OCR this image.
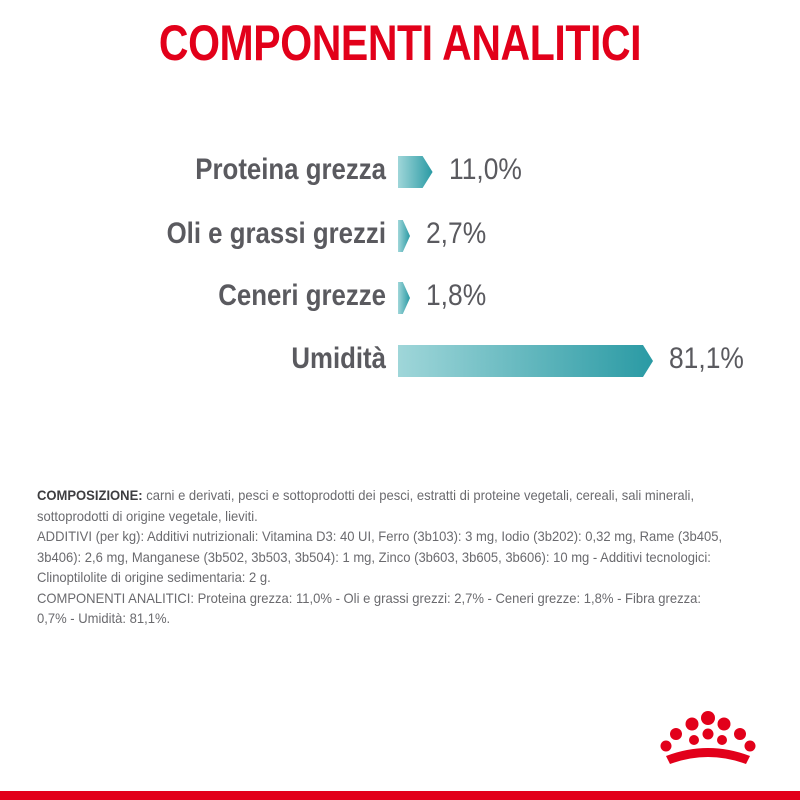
COMPONENTI ANALITICI
Proteina grezza 11,0%
Oli e grassi grezzi 2,7%
Ceneri grezze 1,8%
Umidità	81,1%

COMPOSIZIONE: carni e derivati, pesci e sottoprodotti dei pesci, estratti di proteine vegetali, cereali, sali minerali, sottoprodotti di origine vegetale, lieviti.

ADDITIVI (per kg): Additivi nutrizionali: Vitamina D3: 40 UI, Ferro (3b103): 3 mg, Iodio (3b202): 0,32 mg, Rame (3b405, 3b406): 2,6 mg, Manganese (3b502, 3b503, 3b504): 1 mg, Zinco (3b603, 3b605, 3b606): 10 mg - Additivi tecnologici: Clinoptilolite di origine sedimentaria: 2 g.

COMPONENTI ANALITICI: Proteina grezza: 11,0% - Oli e grassi grezzi: 2,7% - Ceneri grezze: 1,8% - Fibra grezza: 0,7% - Umidità: 81,1%.
